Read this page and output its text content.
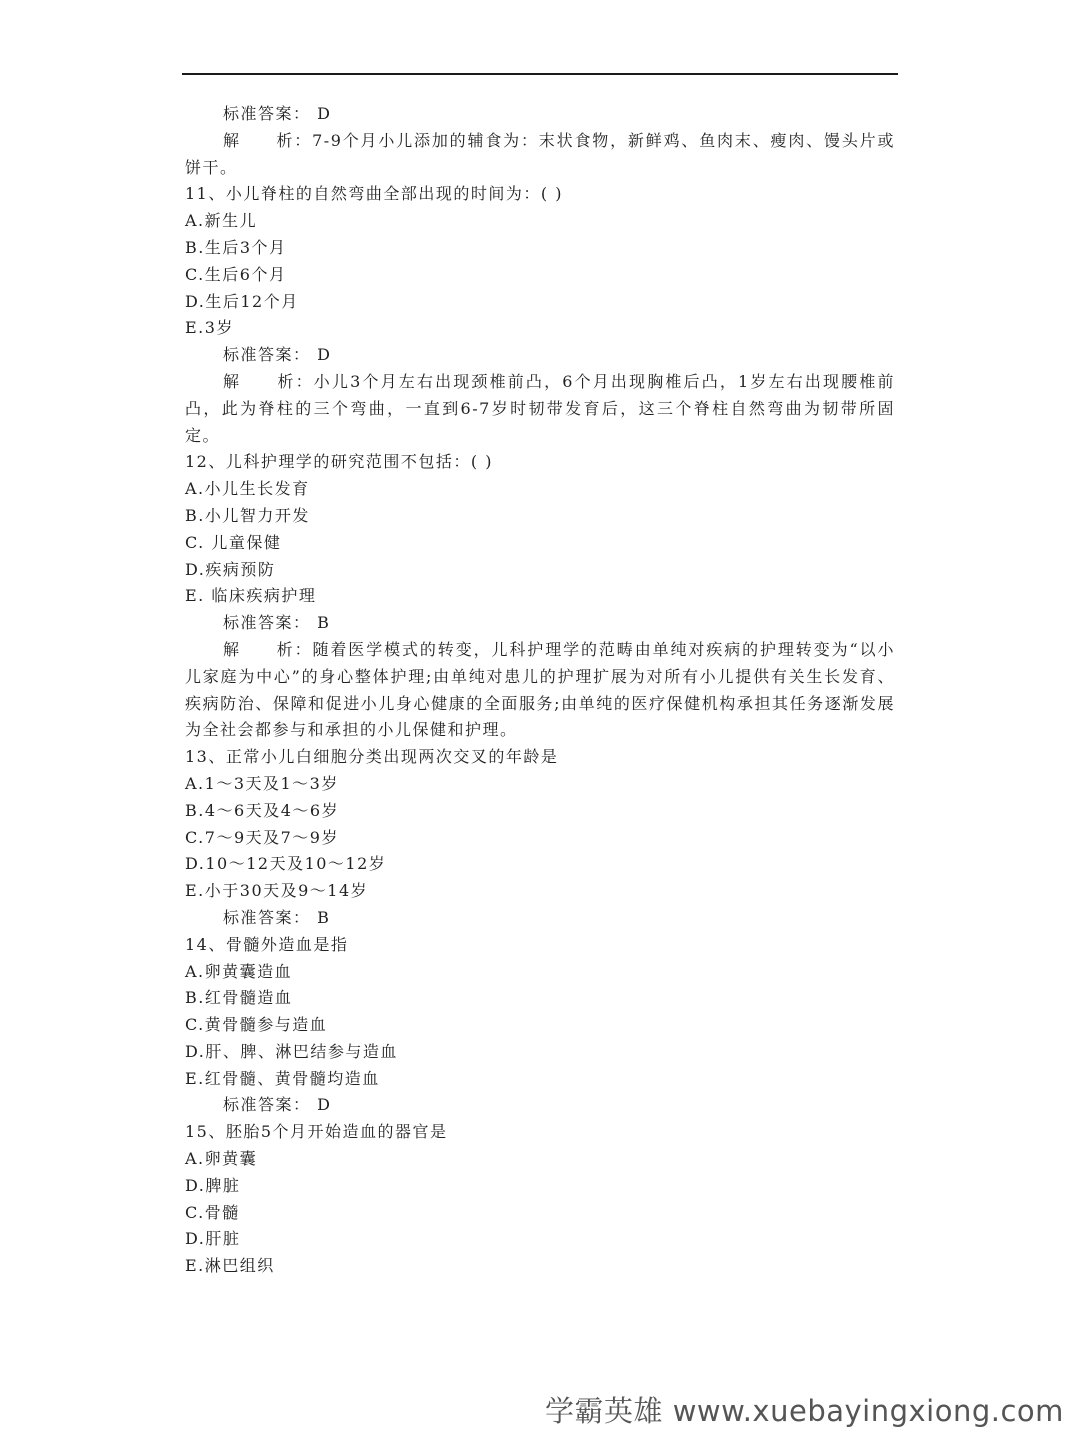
标准答案： D
解　　析：7-9个月小儿添加的辅食为：末状食物，新鲜鸡、鱼肉末、瘦肉、馒头片或饼干。
11、小儿脊柱的自然弯曲全部出现的时间为：( )
A.新生儿
B.生后3个月
C.生后6个月
D.生后12个月
E.3岁
标准答案： D
解　　析：小儿3个月左右出现颈椎前凸，6个月出现胸椎后凸，1岁左右出现腰椎前凸，此为脊柱的三个弯曲，一直到6-7岁时韧带发育后，这三个脊柱自然弯曲为韧带所固定。
12、儿科护理学的研究范围不包括：( )
A.小儿生长发育
B.小儿智力开发
C. 儿童保健
D.疾病预防
E. 临床疾病护理
标准答案： B
解　　析：随着医学模式的转变，儿科护理学的范畴由单纯对疾病的护理转变为“以小儿家庭为中心”的身心整体护理;由单纯对患儿的护理扩展为对所有小儿提供有关生长发育、疾病防治、保障和促进小儿身心健康的全面服务;由单纯的医疗保健机构承担其任务逐渐发展为全社会都参与和承担的小儿保健和护理。
13、正常小儿白细胞分类出现两次交叉的年龄是
A.1～3天及1～3岁
B.4～6天及4～6岁
C.7～9天及7～9岁
D.10～12天及10～12岁
E.小于30天及9～14岁
标准答案： B
14、骨髓外造血是指
A.卵黄囊造血
B.红骨髓造血
C.黄骨髓参与造血
D.肝、脾、淋巴结参与造血
E.红骨髓、黄骨髓均造血
标准答案： D
15、胚胎5个月开始造血的器官是
A.卵黄囊
D.脾脏
C.骨髓
D.肝脏
E.淋巴组织
学霸英雄 www.xuebayingxiong.com
